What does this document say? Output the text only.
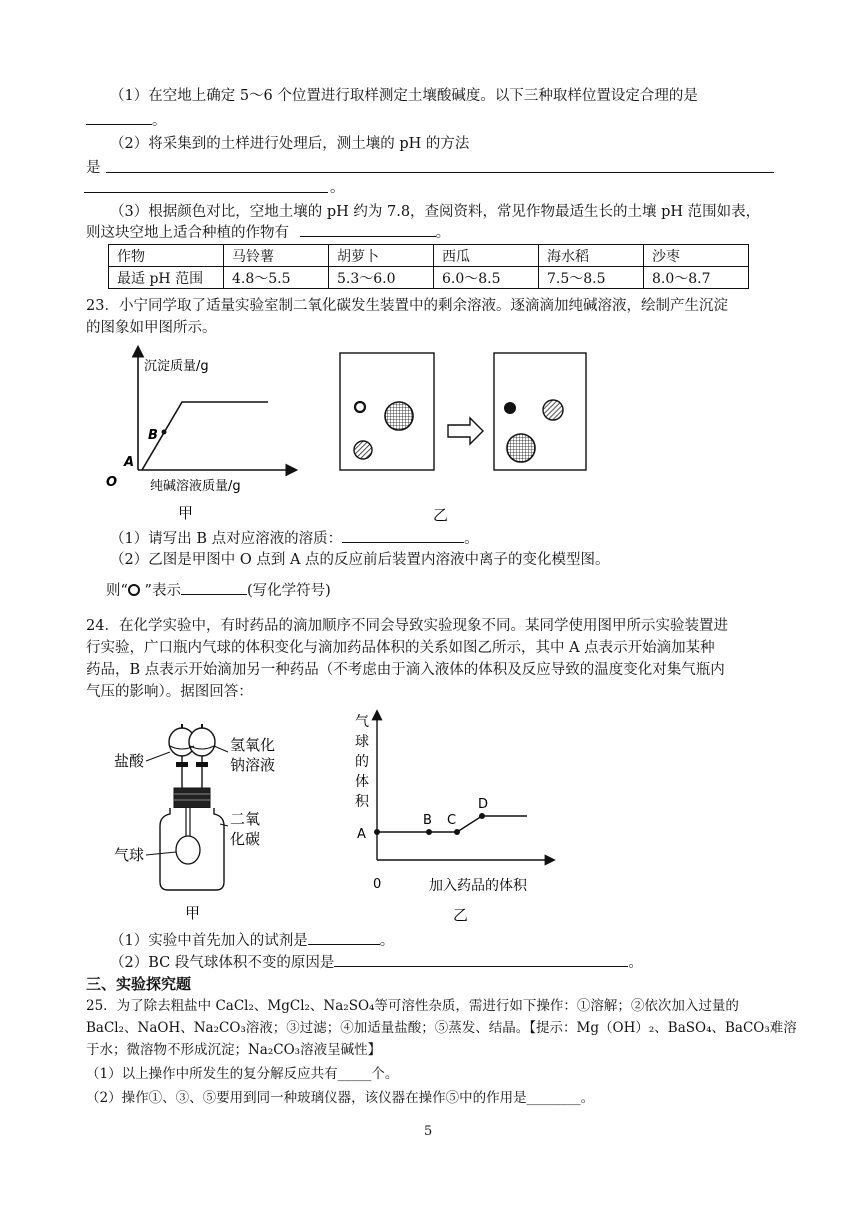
（1）在空地上确定 5～6 个位置进行取样测定土壤酸碱度。以下三种取样位置设定合理的是
。
（2）将采集到的土样进行处理后，测土壤的 pH 的方法
是
。
（3）根据颜色对比，空地土壤的 pH 约为 7.8，查阅资料，常见作物最适生长的土壤 pH 范围如表，
则这块空地上适合种植的作物有	。
作物	马铃薯	胡萝卜	西瓜	海水稻	沙枣
最适 pH 范围	4.8～5.5	5.3～6.0	6.0～8.5	7.5～8.5	8.0～8.7
23．小宁同学取了适量实验室制二氧化碳发生装置中的剩余溶液。逐滴滴加纯碱溶液，绘制产生沉淀
的图象如甲图所示。
沉淀质量/g
B
A
O	纯碱溶液质量/g
甲	乙
（1）请写出 B 点对应溶液的溶质：	。
（2）乙图是甲图中 O 点到 A 点的反应前后装置内溶液中离子的变化模型图。
则“ ”表示	(写化学符号)
24．在化学实验中，有时药品的滴加顺序不同会导致实验现象不同。某同学使用图甲所示实验装置进
行实验，广口瓶内气球的体积变化与滴加药品体积的关系如图乙所示，其中 A 点表示开始滴加某种
药品，B 点表示开始滴加另一种药品（不考虑由于滴入液体的体积及反应导致的温度变化对集气瓶内
气压的影响）。据图回答：
盐酸
氢氧化
钠溶液
二氧
化碳
气球
甲
气
球
的
体
积
A
B C
D
0	加入药品的体积
乙
（1）实验中首先加入的试剂是	。
（2）BC 段气球体积不变的原因是	。
三、实验探究题
25．为了除去粗盐中 CaCl₂、MgCl₂、Na₂SO₄等可溶性杂质，需进行如下操作：①溶解；②依次加入过量的
BaCl₂、NaOH、Na₂CO₃溶液；③过滤；④加适量盐酸；⑤蒸发、结晶。【提示：Mg（OH）₂、BaSO₄、BaCO₃难溶
于水；微溶物不形成沉淀；Na₂CO₃溶液呈碱性】
（1）以上操作中所发生的复分解反应共有_____个。
（2）操作①、③、⑤要用到同一种玻璃仪器，该仪器在操作⑤中的作用是________。
5
